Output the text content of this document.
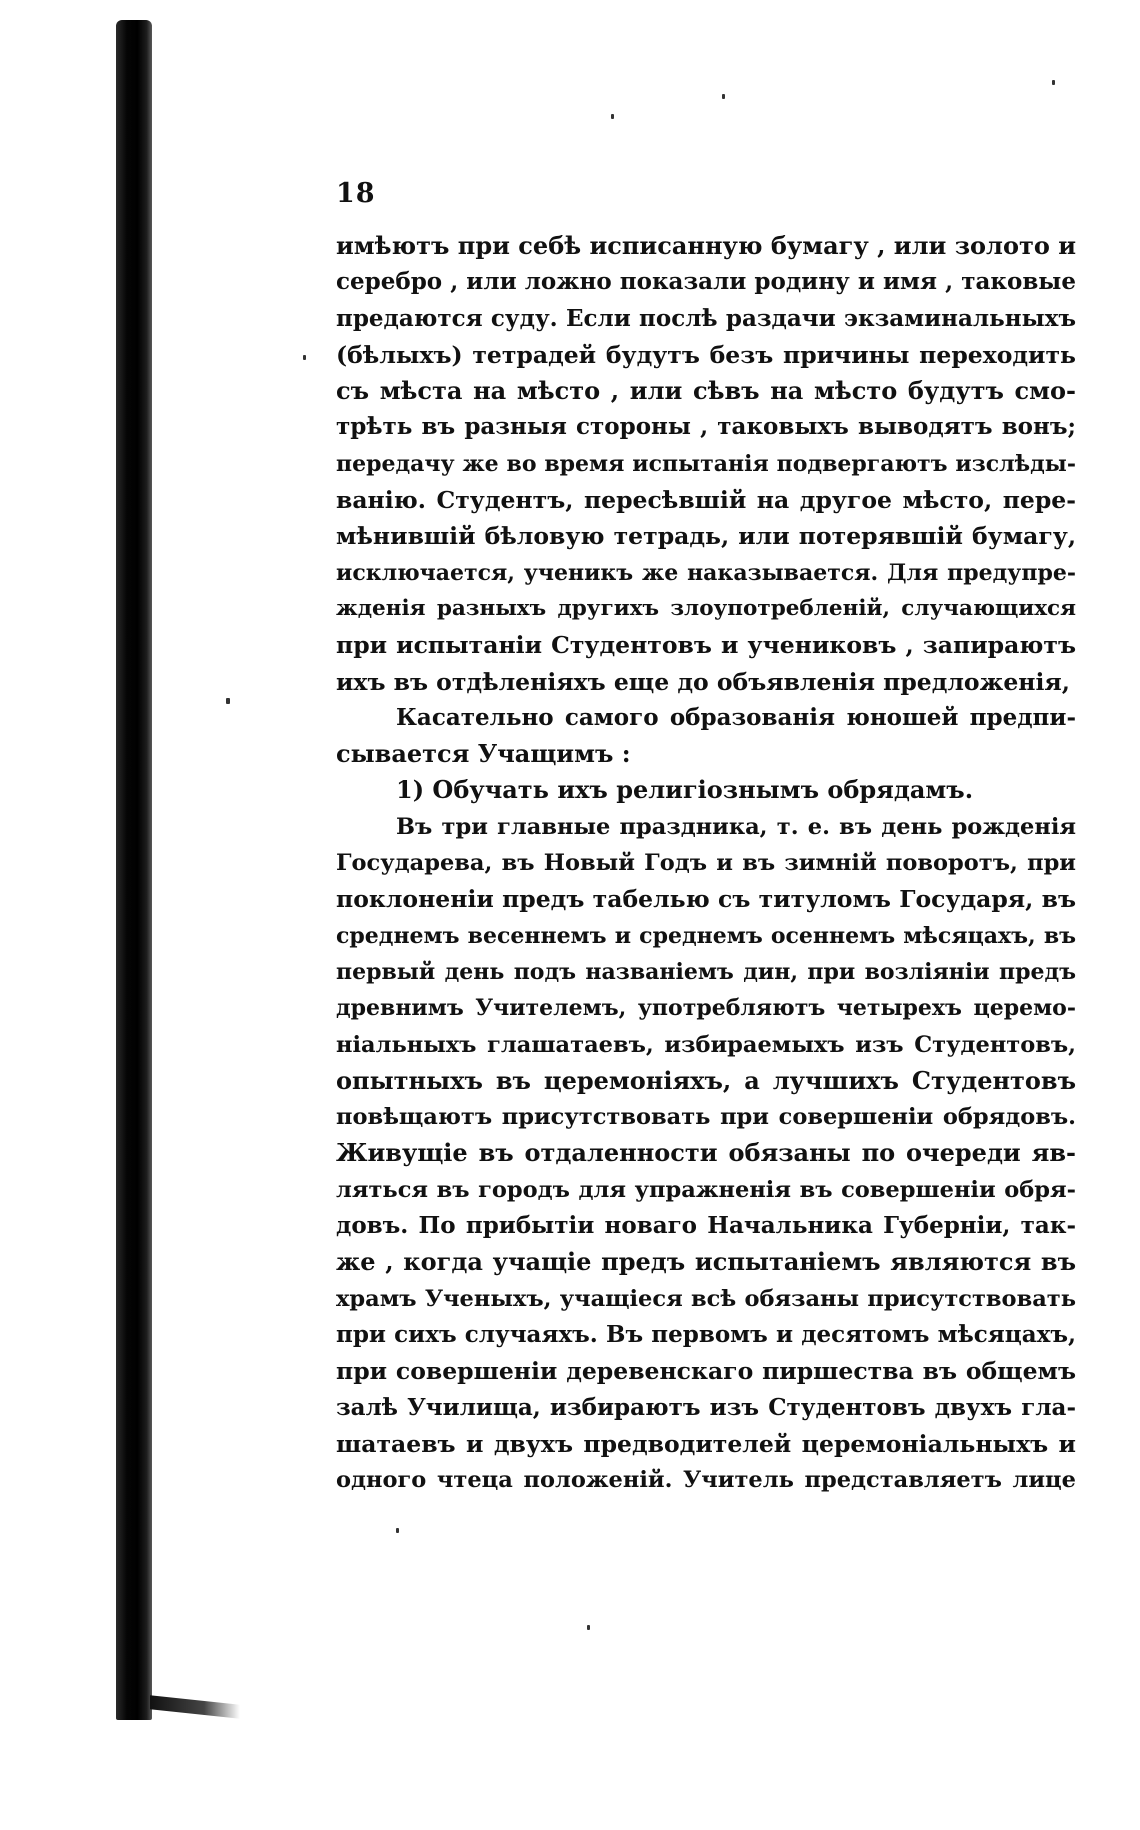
18
имѣютъ при себѣ исписанную бумагу , или золото и
серебро , или ложно показали родину и имя , таковые
предаются суду. Если послѣ раздачи экзаминальныхъ
(бѣлыхъ) тетрадей будутъ безъ причины переходить
съ мѣста на мѣсто , или сѣвъ на мѣсто будутъ смо-
трѣть въ разныя стороны , таковыхъ выводятъ вонъ;
передачу же во время испытанія подвергаютъ изслѣды-
ванію. Студентъ, пересѣвшій на другое мѣсто, пере-
мѣнившій бѣловую тетрадь, или потерявшій бумагу,
исключается, ученикъ же наказывается. Для предупре-
жденія разныхъ другихъ злоупотребленій, случающихся
при испытаніи Студентовъ и учениковъ , запираютъ
ихъ въ отдѣленіяхъ еще до объявленія предложенія,
Касательно самого образованія юношей предпи-
сывается Учащимъ :
1) Обучать ихъ религіознымъ обрядамъ.
Въ три главные праздника, т. е. въ день рожденія
Государева, въ Новый Годъ и въ зимній поворотъ, при
поклоненіи предъ табелью съ титуломъ Государя, въ
среднемъ весеннемъ и среднемъ осеннемъ мѣсяцахъ, въ
первый день подъ названіемъ дин, при возліяніи предъ
древнимъ Учителемъ, употребляютъ четырехъ церемо-
ніальныхъ глашатаевъ, избираемыхъ изъ Студентовъ,
опытныхъ въ церемоніяхъ, а лучшихъ Студентовъ
повѣщаютъ присутствовать при совершеніи обрядовъ.
Живущіе въ отдаленности обязаны по очереди яв-
ляться въ городъ для упражненія въ совершеніи обря-
довъ. По прибытіи новаго Начальника Губерніи, так-
же , когда учащіе предъ испытаніемъ являются въ
храмъ Ученыхъ, учащіеся всѣ обязаны присутствовать
при сихъ случаяхъ. Въ первомъ и десятомъ мѣсяцахъ,
при совершеніи деревенскаго пиршества въ общемъ
залѣ Училища, избираютъ изъ Студентовъ двухъ гла-
шатаевъ и двухъ предводителей церемоніальныхъ и
одного чтеца положеній. Учитель представляетъ лице
